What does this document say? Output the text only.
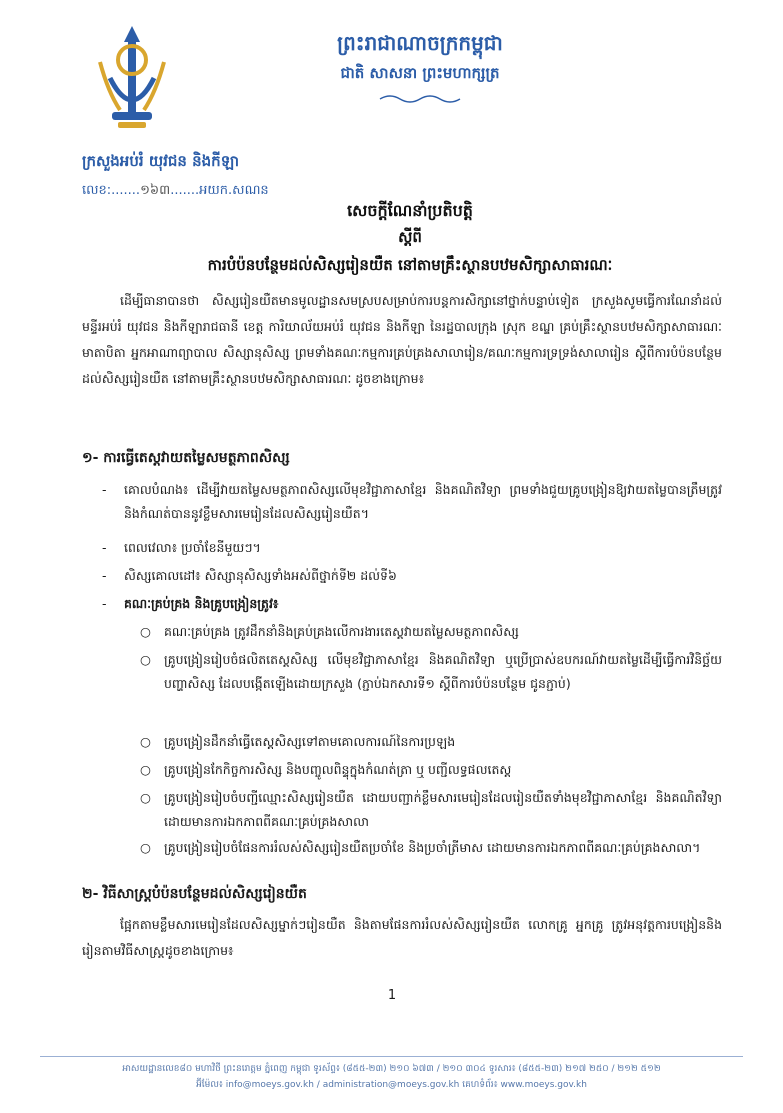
ព្រះរាជាណាចក្រកម្ពុជា
ជាតិ សាសនា ព្រះមហាក្សត្រ
ក្រសួងអប់រំ យុវជន និងកីឡា
លេខ:.......១៦៣.......អយក.សណន
សេចក្តីណែនាំប្រតិបត្តិ
ស្តីពី
ការបំប៉នបន្ថែមដល់សិស្សរៀនយឺត នៅតាមគ្រឹះស្ថានបឋមសិក្សាសាធារណៈ
ដើម្បីធានាបានថា សិស្សរៀនយឺតមានមូលដ្ឋានសមស្របសម្រាប់ការបន្តការសិក្សានៅថ្នាក់បន្ទាប់ទៀត ក្រសួងសូមធ្វើការណែនាំដល់មន្ទីរអប់រំ យុវជន និងកីឡារាជធានី ខេត្ត ការិយាល័យអប់រំ យុវជន និងកីឡា នៃរដ្ឋបាលក្រុង ស្រុក ខណ្ឌ គ្រប់គ្រឹះស្ថានបឋមសិក្សាសាធារណៈ មាតាបិតា អ្នកអាណាព្យាបាល សិស្សានុសិស្ស ព្រមទាំងគណៈកម្មការគ្រប់គ្រងសាលារៀន/គណៈកម្មការទ្រទ្រង់សាលារៀន ស្តីពីការបំប៉នបន្ថែមដល់សិស្សរៀនយឺត នៅតាមគ្រឹះស្ថានបឋមសិក្សាសាធារណៈ ដូចខាងក្រោម៖
១- ការធ្វើតេស្តវាយតម្លៃសមត្ថភាពសិស្ស
- គោលបំណង៖ ដើម្បីវាយតម្លៃសមត្ថភាពសិស្សលើមុខវិជ្ជាភាសាខ្មែរ និងគណិតវិទ្យា ព្រមទាំងជួយគ្រូបង្រៀនឱ្យវាយតម្លៃបានត្រឹមត្រូវ និងកំណត់បាននូវខ្លឹមសារមេរៀនដែលសិស្សរៀនយឺត។
- ពេលវេលា៖ ប្រចាំខែនីមួយៗ។
- សិស្សគោលដៅ៖ សិស្សានុសិស្សទាំងអស់ពីថ្នាក់ទី២ ដល់ទី៦
- គណៈគ្រប់គ្រង និងគ្រូបង្រៀនត្រូវ៖
○ គណៈគ្រប់គ្រង ត្រូវដឹកនាំនិងគ្រប់គ្រងលើការងារតេស្តវាយតម្លៃសមត្ថភាពសិស្ស
○ គ្រូបង្រៀនរៀបចំផលិតតេស្តសិស្ស លើមុខវិជ្ជាភាសាខ្មែរ និងគណិតវិទ្យា ឬប្រើប្រាស់ឧបករណ៍វាយតម្លៃដើម្បីធ្វើការវិនិច្ឆ័យបញ្ហាសិស្ស ដែលបង្កើតឡើងដោយក្រសួង (ភ្ជាប់ឯកសារទី១ ស្តីពីការបំប៉នបន្ថែម ជូនភ្ជាប់)
○ គ្រូបង្រៀនដឹកនាំធ្វើតេស្តសិស្សទៅតាមគោលការណ៍នៃការប្រឡង
○ គ្រូបង្រៀនកែកិច្ចការសិស្ស និងបញ្ចូលពិន្ទុក្នុងកំណត់ត្រា ឬ បញ្ជីលទ្ធផលតេស្ត
○ គ្រូបង្រៀនរៀបចំបញ្ជីឈ្មោះសិស្សរៀនយឺត ដោយបញ្ជាក់ខ្លឹមសារមេរៀនដែលរៀនយឺតទាំងមុខវិជ្ជាភាសាខ្មែរ និងគណិតវិទ្យា ដោយមានការឯកភាពពីគណៈគ្រប់គ្រងសាលា
○ គ្រូបង្រៀនរៀបចំផែនការរំលស់សិស្សរៀនយឺតប្រចាំខែ និងប្រចាំត្រីមាស ដោយមានការឯកភាពពីគណៈគ្រប់គ្រងសាលា។
២- វិធីសាស្ត្របំប៉នបន្ថែមដល់សិស្សរៀនយឺត
ផ្អែកតាមខ្លឹមសារមេរៀនដែលសិស្សម្នាក់ៗរៀនយឺត និងតាមផែនការរំលស់សិស្សរៀនយឺត លោកគ្រូ អ្នកគ្រូ ត្រូវអនុវត្តការបង្រៀននិងរៀនតាមវិធីសាស្ត្រដូចខាងក្រោម៖
1
អាសយដ្ឋានលេខ៨០ មហាវិថី ព្រះនរោត្តម ភ្នំពេញ កម្ពុជា ទូរស័ព្ទ៖ (៨៥៥-២៣) ២១០ ៦៧៣ / ២១០ ៣០៤ ទូរសារ៖ (៨៥៥-២៣) ២១៧ ២៥០ / ២១២ ៥១២
អ៊ីម៉ែល៖ info@moeys.gov.kh / administration@moeys.gov.kh គេហទំព័រ៖ www.moeys.gov.kh
